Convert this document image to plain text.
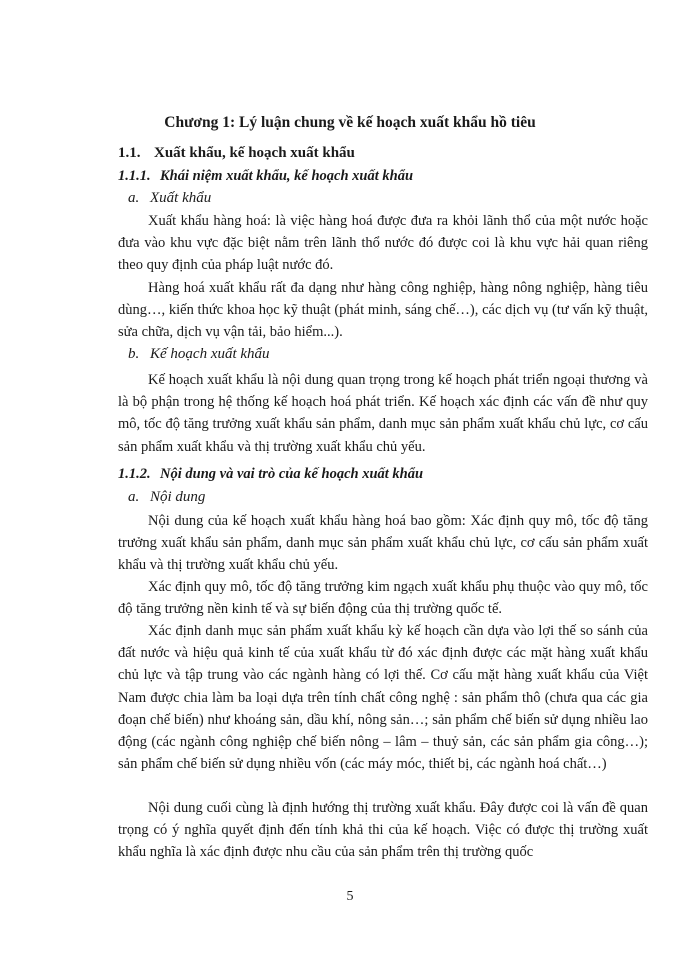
Chương 1: Lý luận chung về kế hoạch xuất khẩu hồ tiêu
1.1. Xuất khẩu, kế hoạch xuất khẩu
1.1.1. Khái niệm xuất khẩu, kế hoạch xuất khẩu
a. Xuất khẩu

Xuất khẩu hàng hoá: là việc hàng hoá được đưa ra khỏi lãnh thổ của một nước hoặc đưa vào khu vực đặc biệt nằm trên lãnh thổ nước đó được coi là khu vực hải quan riêng theo quy định của pháp luật nước đó.

Hàng hoá xuất khẩu rất đa dạng như hàng công nghiệp, hàng nông nghiệp, hàng tiêu dùng…, kiến thức khoa học kỹ thuật (phát minh, sáng chế…), các dịch vụ (tư vấn kỹ thuật, sửa chữa, dịch vụ vận tải, bảo hiểm...).

b. Kế hoạch xuất khẩu

Kế hoạch xuất khẩu là nội dung quan trọng trong kế hoạch phát triển ngoại thương và là bộ phận trong hệ thống kế hoạch hoá phát triển. Kế hoạch xác định các vấn đề như quy mô, tốc độ tăng trưởng xuất khẩu sản phẩm, danh mục sản phẩm xuất khẩu chủ lực, cơ cấu sản phẩm xuất khẩu và thị trường xuất khẩu chủ yếu.

1.1.2. Nội dung và vai trò của kế hoạch xuất khẩu
a. Nội dung

Nội dung của kế hoạch xuất khẩu hàng hoá bao gồm: Xác định quy mô, tốc độ tăng trưởng xuất khẩu sản phẩm, danh mục sản phẩm xuất khẩu chủ lực, cơ cấu sản phẩm xuất khẩu và thị trường xuất khẩu chủ yếu.

Xác định quy mô, tốc độ tăng trưởng kim ngạch xuất khẩu phụ thuộc vào quy mô, tốc độ tăng trưởng nền kinh tế và sự biến động của thị trường quốc tế.

Xác định danh mục sản phẩm xuất khẩu kỳ kế hoạch cần dựa vào lợi thế so sánh của đất nước và hiệu quả kinh tế của xuất khẩu từ đó xác định được các mặt hàng xuất khẩu chủ lực và tập trung vào các ngành hàng có lợi thế. Cơ cấu mặt hàng xuất khẩu của Việt Nam được chia làm ba loại dựa trên tính chất công nghệ : sản phẩm thô (chưa qua các gia đoạn chế biến) như khoáng sản, dầu khí, nông sản…; sản phẩm chế biến sử dụng nhiều lao động (các ngành công nghiệp chế biến nông – lâm – thuỷ sản, các sản phẩm gia công…); sản phẩm chế biến sử dụng nhiều vốn (các máy móc, thiết bị, các ngành hoá chất…)

Nội dung cuối cùng là định hướng thị trường xuất khẩu. Đây được coi là vấn đề quan trọng có ý nghĩa quyết định đến tính khả thi của kế hoạch. Việc có được thị trường xuất khẩu nghĩa là xác định được nhu cầu của sản phẩm trên thị trường quốc

5
